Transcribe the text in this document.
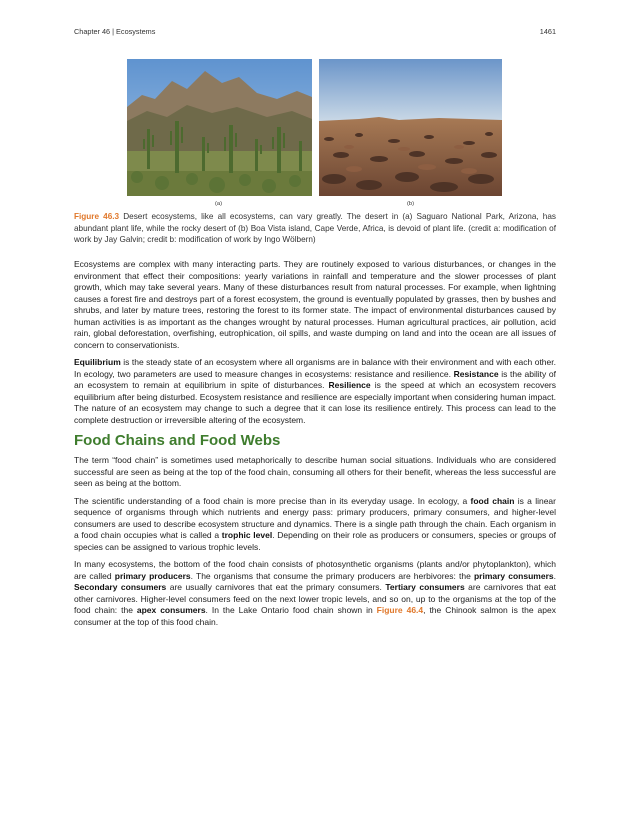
Chapter 46 | Ecosystems	1461
(a)	(b)
Figure 46.3 Desert ecosystems, like all ecosystems, can vary greatly. The desert in (a) Saguaro National Park, Arizona, has abundant plant life, while the rocky desert of (b) Boa Vista island, Cape Verde, Africa, is devoid of plant life. (credit a: modification of work by Jay Galvin; credit b: modification of work by Ingo Wölbern)

Ecosystems are complex with many interacting parts. They are routinely exposed to various disturbances, or changes in the environment that effect their compositions: yearly variations in rainfall and temperature and the slower processes of plant growth, which may take several years. Many of these disturbances result from natural processes. For example, when lightning causes a forest fire and destroys part of a forest ecosystem, the ground is eventually populated by grasses, then by bushes and shrubs, and later by mature trees, restoring the forest to its former state. The impact of environmental disturbances caused by human activities is as important as the changes wrought by natural processes. Human agricultural practices, air pollution, acid rain, global deforestation, overfishing, eutrophication, oil spills, and waste dumping on land and into the ocean are all issues of concern to conservationists.

Equilibrium is the steady state of an ecosystem where all organisms are in balance with their environment and with each other. In ecology, two parameters are used to measure changes in ecosystems: resistance and resilience. Resistance is the ability of an ecosystem to remain at equilibrium in spite of disturbances. Resilience is the speed at which an ecosystem recovers equilibrium after being disturbed. Ecosystem resistance and resilience are especially important when considering human impact. The nature of an ecosystem may change to such a degree that it can lose its resilience entirely. This process can lead to the complete destruction or irreversible altering of the ecosystem.

Food Chains and Food Webs

The term “food chain” is sometimes used metaphorically to describe human social situations. Individuals who are considered successful are seen as being at the top of the food chain, consuming all others for their benefit, whereas the less successful are seen as being at the bottom.

The scientific understanding of a food chain is more precise than in its everyday usage. In ecology, a food chain is a linear sequence of organisms through which nutrients and energy pass: primary producers, primary consumers, and higher-level consumers are used to describe ecosystem structure and dynamics. There is a single path through the chain. Each organism in a food chain occupies what is called a trophic level. Depending on their role as producers or consumers, species or groups of species can be assigned to various trophic levels.

In many ecosystems, the bottom of the food chain consists of photosynthetic organisms (plants and/or phytoplankton), which are called primary producers. The organisms that consume the primary producers are herbivores: the primary consumers. Secondary consumers are usually carnivores that eat the primary consumers. Tertiary consumers are carnivores that eat other carnivores. Higher-level consumers feed on the next lower tropic levels, and so on, up to the organisms at the top of the food chain: the apex consumers. In the Lake Ontario food chain shown in Figure 46.4, the Chinook salmon is the apex consumer at the top of this food chain.
